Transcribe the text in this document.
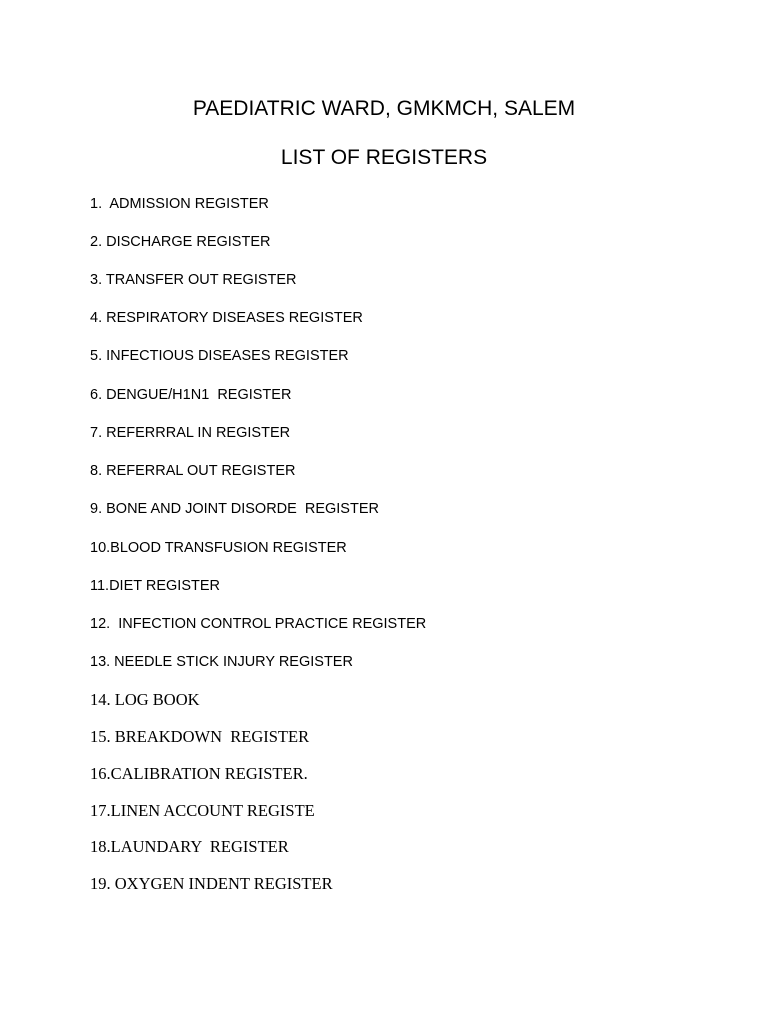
PAEDIATRIC WARD, GMKMCH, SALEM
LIST OF REGISTERS
1.  ADMISSION REGISTER
2. DISCHARGE REGISTER
3. TRANSFER OUT REGISTER
4. RESPIRATORY DISEASES REGISTER
5. INFECTIOUS DISEASES REGISTER
6. DENGUE/H1N1  REGISTER
7. REFERRRAL IN REGISTER
8. REFERRAL OUT REGISTER
9. BONE AND JOINT DISORDE  REGISTER
10.BLOOD TRANSFUSION REGISTER
11.DIET REGISTER
12.  INFECTION CONTROL PRACTICE REGISTER
13. NEEDLE STICK INJURY REGISTER
14. LOG BOOK
15. BREAKDOWN  REGISTER
16.CALIBRATION REGISTER.
17.LINEN ACCOUNT REGISTE
18.LAUNDARY  REGISTER
19. OXYGEN INDENT REGISTER
